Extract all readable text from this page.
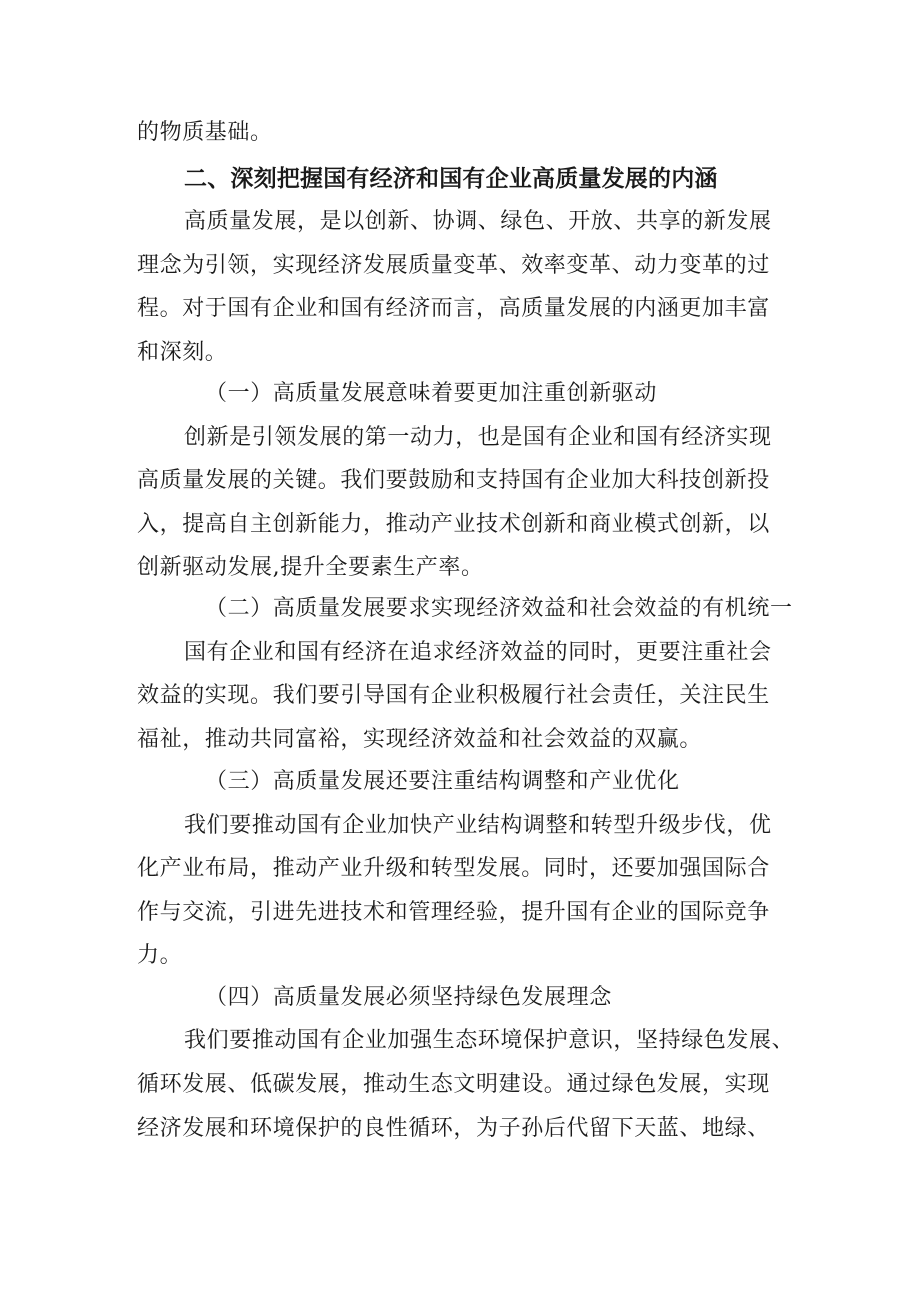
的物质基础。
二、深刻把握国有经济和国有企业高质量发展的内涵
高质量发展，是以创新、协调、绿色、开放、共享的新发展
理念为引领，实现经济发展质量变革、效率变革、动力变革的过
程。对于国有企业和国有经济而言，高质量发展的内涵更加丰富
和深刻。
（一）高质量发展意味着要更加注重创新驱动
创新是引领发展的第一动力，也是国有企业和国有经济实现
高质量发展的关键。我们要鼓励和支持国有企业加大科技创新投
入，提高自主创新能力，推动产业技术创新和商业模式创新，以
创新驱动发展,提升全要素生产率。
（二）高质量发展要求实现经济效益和社会效益的有机统一
国有企业和国有经济在追求经济效益的同时，更要注重社会
效益的实现。我们要引导国有企业积极履行社会责任，关注民生
福祉，推动共同富裕，实现经济效益和社会效益的双赢。
（三）高质量发展还要注重结构调整和产业优化
我们要推动国有企业加快产业结构调整和转型升级步伐，优
化产业布局，推动产业升级和转型发展。同时，还要加强国际合
作与交流，引进先进技术和管理经验，提升国有企业的国际竞争
力。
（四）高质量发展必须坚持绿色发展理念
我们要推动国有企业加强生态环境保护意识，坚持绿色发展、
循环发展、低碳发展，推动生态文明建设。通过绿色发展，实现
经济发展和环境保护的良性循环，为子孙后代留下天蓝、地绿、
